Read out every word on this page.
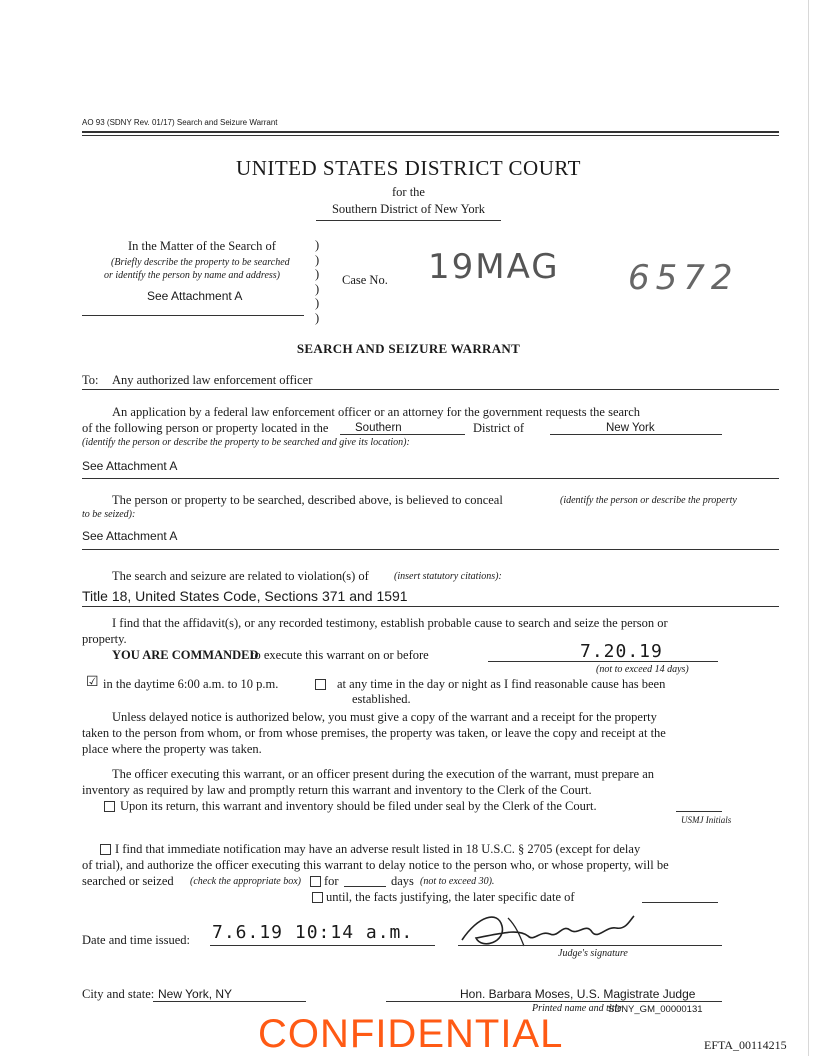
AO 93 (SDNY Rev. 01/17) Search and Seizure Warrant
UNITED STATES DISTRICT COURT
for the
Southern District of New York
In the Matter of the Search of
(Briefly describe the property to be searched
or identify the person by name and address)
See Attachment A
)
)
)
)
)
)
Case No. 19MAG 6572
SEARCH AND SEIZURE WARRANT
To: Any authorized law enforcement officer
An application by a federal law enforcement officer or an attorney for the government requests the search
of the following person or property located in the Southern	District of	New York
(identify the person or describe the property to be searched and give its location):
See Attachment A
The person or property to be searched, described above, is believed to conceal	(identify the person or describe the property
to be seized):
See Attachment A
The search and seizure are related to violation(s) of	(insert statutory citations):
Title 18, United States Code, Sections 371 and 1591
I find that the affidavit(s), or any recorded testimony, establish probable cause to search and seize the person or
property.
YOU ARE COMMANDED
to execute this warrant on or before	7.20.19
(not to exceed 14 days)
☑ in the daytime 6:00 a.m. to 10 p.m.	at any time in the day or night as I find reasonable cause has been
established.
Unless delayed notice is authorized below, you must give a copy of the warrant and a receipt for the property
taken to the person from whom, or from whose premises, the property was taken, or leave the copy and receipt at the
place where the property was taken.
The officer executing this warrant, or an officer present during the execution of the warrant, must prepare an
inventory as required by law and promptly return this warrant and inventory to the Clerk of the Court.
Upon its return, this warrant and inventory should be filed under seal by the Clerk of the Court.
USMJ Initials
I find that immediate notification may have an adverse result listed in 18 U.S.C. § 2705 (except for delay
of trial), and authorize the officer executing this warrant to delay notice to the person who, or whose property, will be
searched or seized (check the appropriate box) for	days (not to exceed 30).
until, the facts justifying, the later specific date of
Date and time issued: 7.6.19 10:14 a.m.
Judge's signature
City and state: New York, NY	Hon. Barbara Moses, U.S. Magistrate Judge
Printed name and title
SDNY_GM_00000131
CONFIDENTIAL	EFTA_00114215
